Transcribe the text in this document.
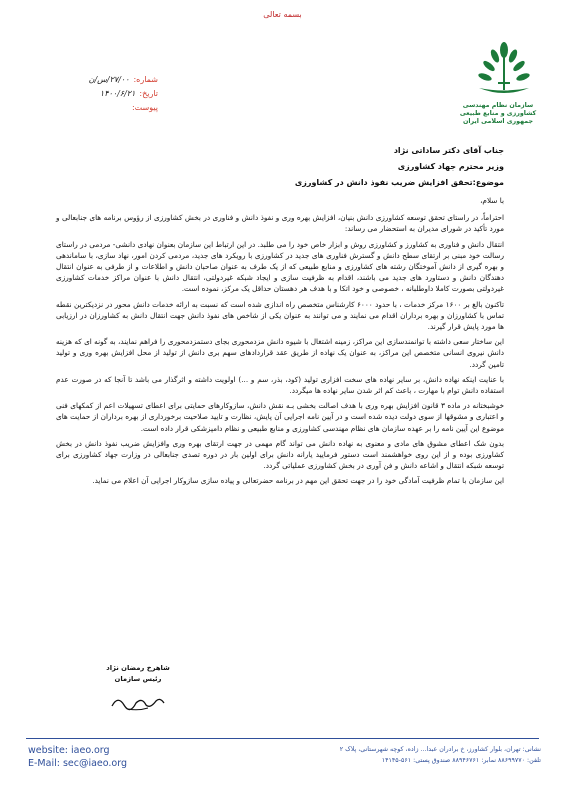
بسمه تعالی
سازمان نظام مهندسی کشاورزی و منابع طبیعی
جمهوری اسلامی ایران
شماره:
۲۷/۰۰/س/ن
تاریخ:
۱۴۰۰/۶/۲۱
پیوست:

جناب آقای دکتر ساداتی نژاد

وزیر محترم جهاد کشاورزی

موضوع:تحقق افزایش ضریب نفوذ دانش در کشاورزی

با سلام،

احتراماً، در راستای تحقق توسعه کشاورزی دانش بنیان، افزایش بهره وری و نفوذ دانش و فناوری در بخش کشاورزی از رؤوس برنامه های جنابعالی و مورد تأکید در شورای مدیران به استحضار می رساند:

انتقال دانش و فناوری به کشاورز و کشاورزی روش و ابزار خاص خود را می طلبد. در این ارتباط این سازمان بعنوان نهادی دانشی- مردمی در راستای رسالت خود مبنی بر ارتقای سطح دانش و گسترش فناوری های جدید در کشاورزی با رویکرد های جدید، مردمی کردن امور، نهاد سازی، با ساماندهی و بهره گیری از دانش آموختگان رشته های کشاورزی و منابع طبیعی که از یک طرف به عنوان صاحبان دانش و اطلاعات و از طرفی به عنوان انتقال دهندگان دانش و دستاورد های جدید می باشند، اقدام به ظرفیت سازی و ایجاد شبکه غیردولتی، انتقال دانش با عنوان مراکز خدمات کشاورزی غیردولتی بصورت کاملا داوطلبانه ، خصوصی و خود اتکا و با هدف هر دهستان حداقل یک مرکز، نموده است.

تاکنون بالغ بر ۱۶۰۰ مرکز خدمات ، با حدود ۶۰۰۰ کارشناس متخصص راه اندازی شده است که نسبت به ارائه خدمات دانش محور در نزدیکترین نقطه تماس با کشاورزان و بهره برداران اقدام می نمایند و می توانند به عنوان یکی از شاخص های نفوذ دانش جهت انتقال دانش به کشاورزان در ارزیابی ها مورد پایش قرار گیرند.

این ساختار سعی داشته با توانمندسازی این مراکز، زمینه اشتغال با شیوه دانش مزدمحوری بجای دستمزدمحوری را فراهم نمایند، به گونه ای که هزینه دانش نیروی انسانی متخصص این مراکز، به عنوان یک نهاده از طریق عقد قراردادهای سهم بری دانش از تولید از محل افزایش بهره وری و تولید تامین گردد.

با عنایت اینکه نهاده دانش، بر سایر نهاده های سخت افزاری تولید (کود، بذر، سم و ...) اولویت داشته و اثرگذار می باشد تا آنجا که در صورت عدم استفاده دانش توام با مهارت ، باعث کم اثر شدن سایر نهاده ها میگردد.

خوشبختانه در ماده ۳ قانون افزایش بهره وری با هدف اصالت بخشی بـه نقش دانش، سازوکارهای حمایتی برای اعطای تسهیلات اعم از کمکهای فنی و اعتباری و مشوقها از سوی دولت دیده شده است و در آیین نامه اجرایی آن پایش، نظارت و تایید صلاحیت برخورداری از بهره برداران از حمایت های موضوع این آیین نامه را بر عهده سازمان های نظام مهندسی کشاورزی و منابع طبیعی و نظام دامپزشکی قرار داده است.

بدون شک اعطای مشوق های مادی و معنوی به نهاده دانش می تواند گام مهمی در جهت ارتقای بهره وری وافزایش ضریب نفوذ دانش در بخش کشاورزی بوده و از این روی خواهشمند است دستور فرمایید یارانه دانش برای اولین بار در دوره تصدی جنابعالی در وزارت جهاد کشاورزی برای توسعه شبکه انتقال و اشاعه دانش و فن آوری در بخش کشاورزی عملیاتی گردد.

این سازمان با تمام ظرفیت آمادگی خود را در جهت تحقق این مهم در برنامه حضرتعالی و پیاده سازی سازوکار اجرایی آن اعلام می نماید.

شاهرخ رمضان نژاد
رئیس سازمان
website: iaeo.org
E-Mail: sec@iaeo.org
نشانی: تهران، بلوار کشاورز، خ برادران عبدا... زاده، کوچه شهرستانی، پلاک ۲
تلفن: ۸۸۶۹۹۷۷۰ نمابر: ۸۸۹۴۶۷۶۱ صندوق پستی: ۵۶۱-۱۴۱۴۵
